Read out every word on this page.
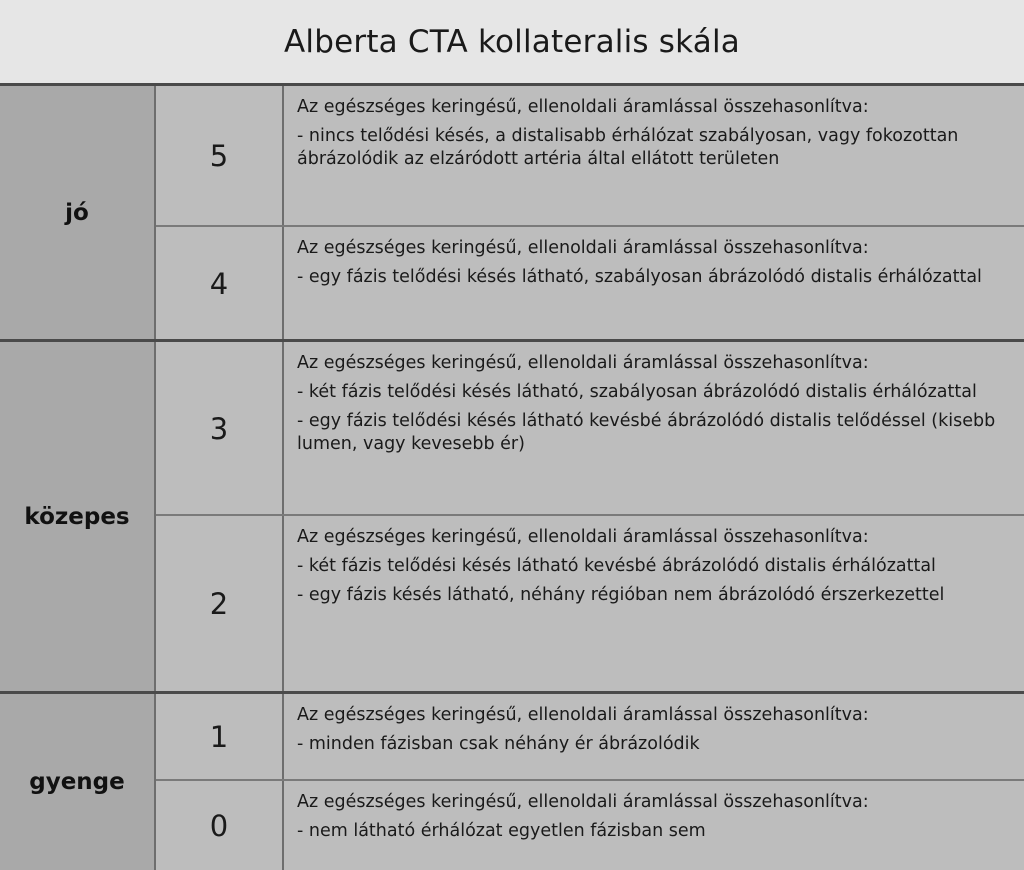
Alberta CTA kollateralis skála
jó
5

Az egészséges keringésű, ellenoldali áramlással összehasonlítva:

- nincs telődési késés, a distalisabb érhálózat szabályosan, vagy fokozottan ábrázolódik az elzáródott artéria által ellátott területen

4

Az egészséges keringésű, ellenoldali áramlással összehasonlítva:

- egy fázis telődési késés látható, szabályosan ábrázolódó distalis érhálózattal

közepes
3

Az egészséges keringésű, ellenoldali áramlással összehasonlítva:

- két fázis telődési késés látható, szabályosan ábrázolódó distalis érhálózattal

- egy fázis telődési késés látható kevésbé ábrázolódó distalis telődéssel (kisebb lumen, vagy kevesebb ér)

2

Az egészséges keringésű, ellenoldali áramlással összehasonlítva:

- két fázis telődési késés látható kevésbé ábrázolódó distalis érhálózattal

- egy fázis késés látható, néhány régióban nem ábrázolódó érszerkezettel

gyenge
1

Az egészséges keringésű, ellenoldali áramlással összehasonlítva:

- minden fázisban csak néhány ér ábrázolódik

0

Az egészséges keringésű, ellenoldali áramlással összehasonlítva:

- nem látható érhálózat egyetlen fázisban sem
